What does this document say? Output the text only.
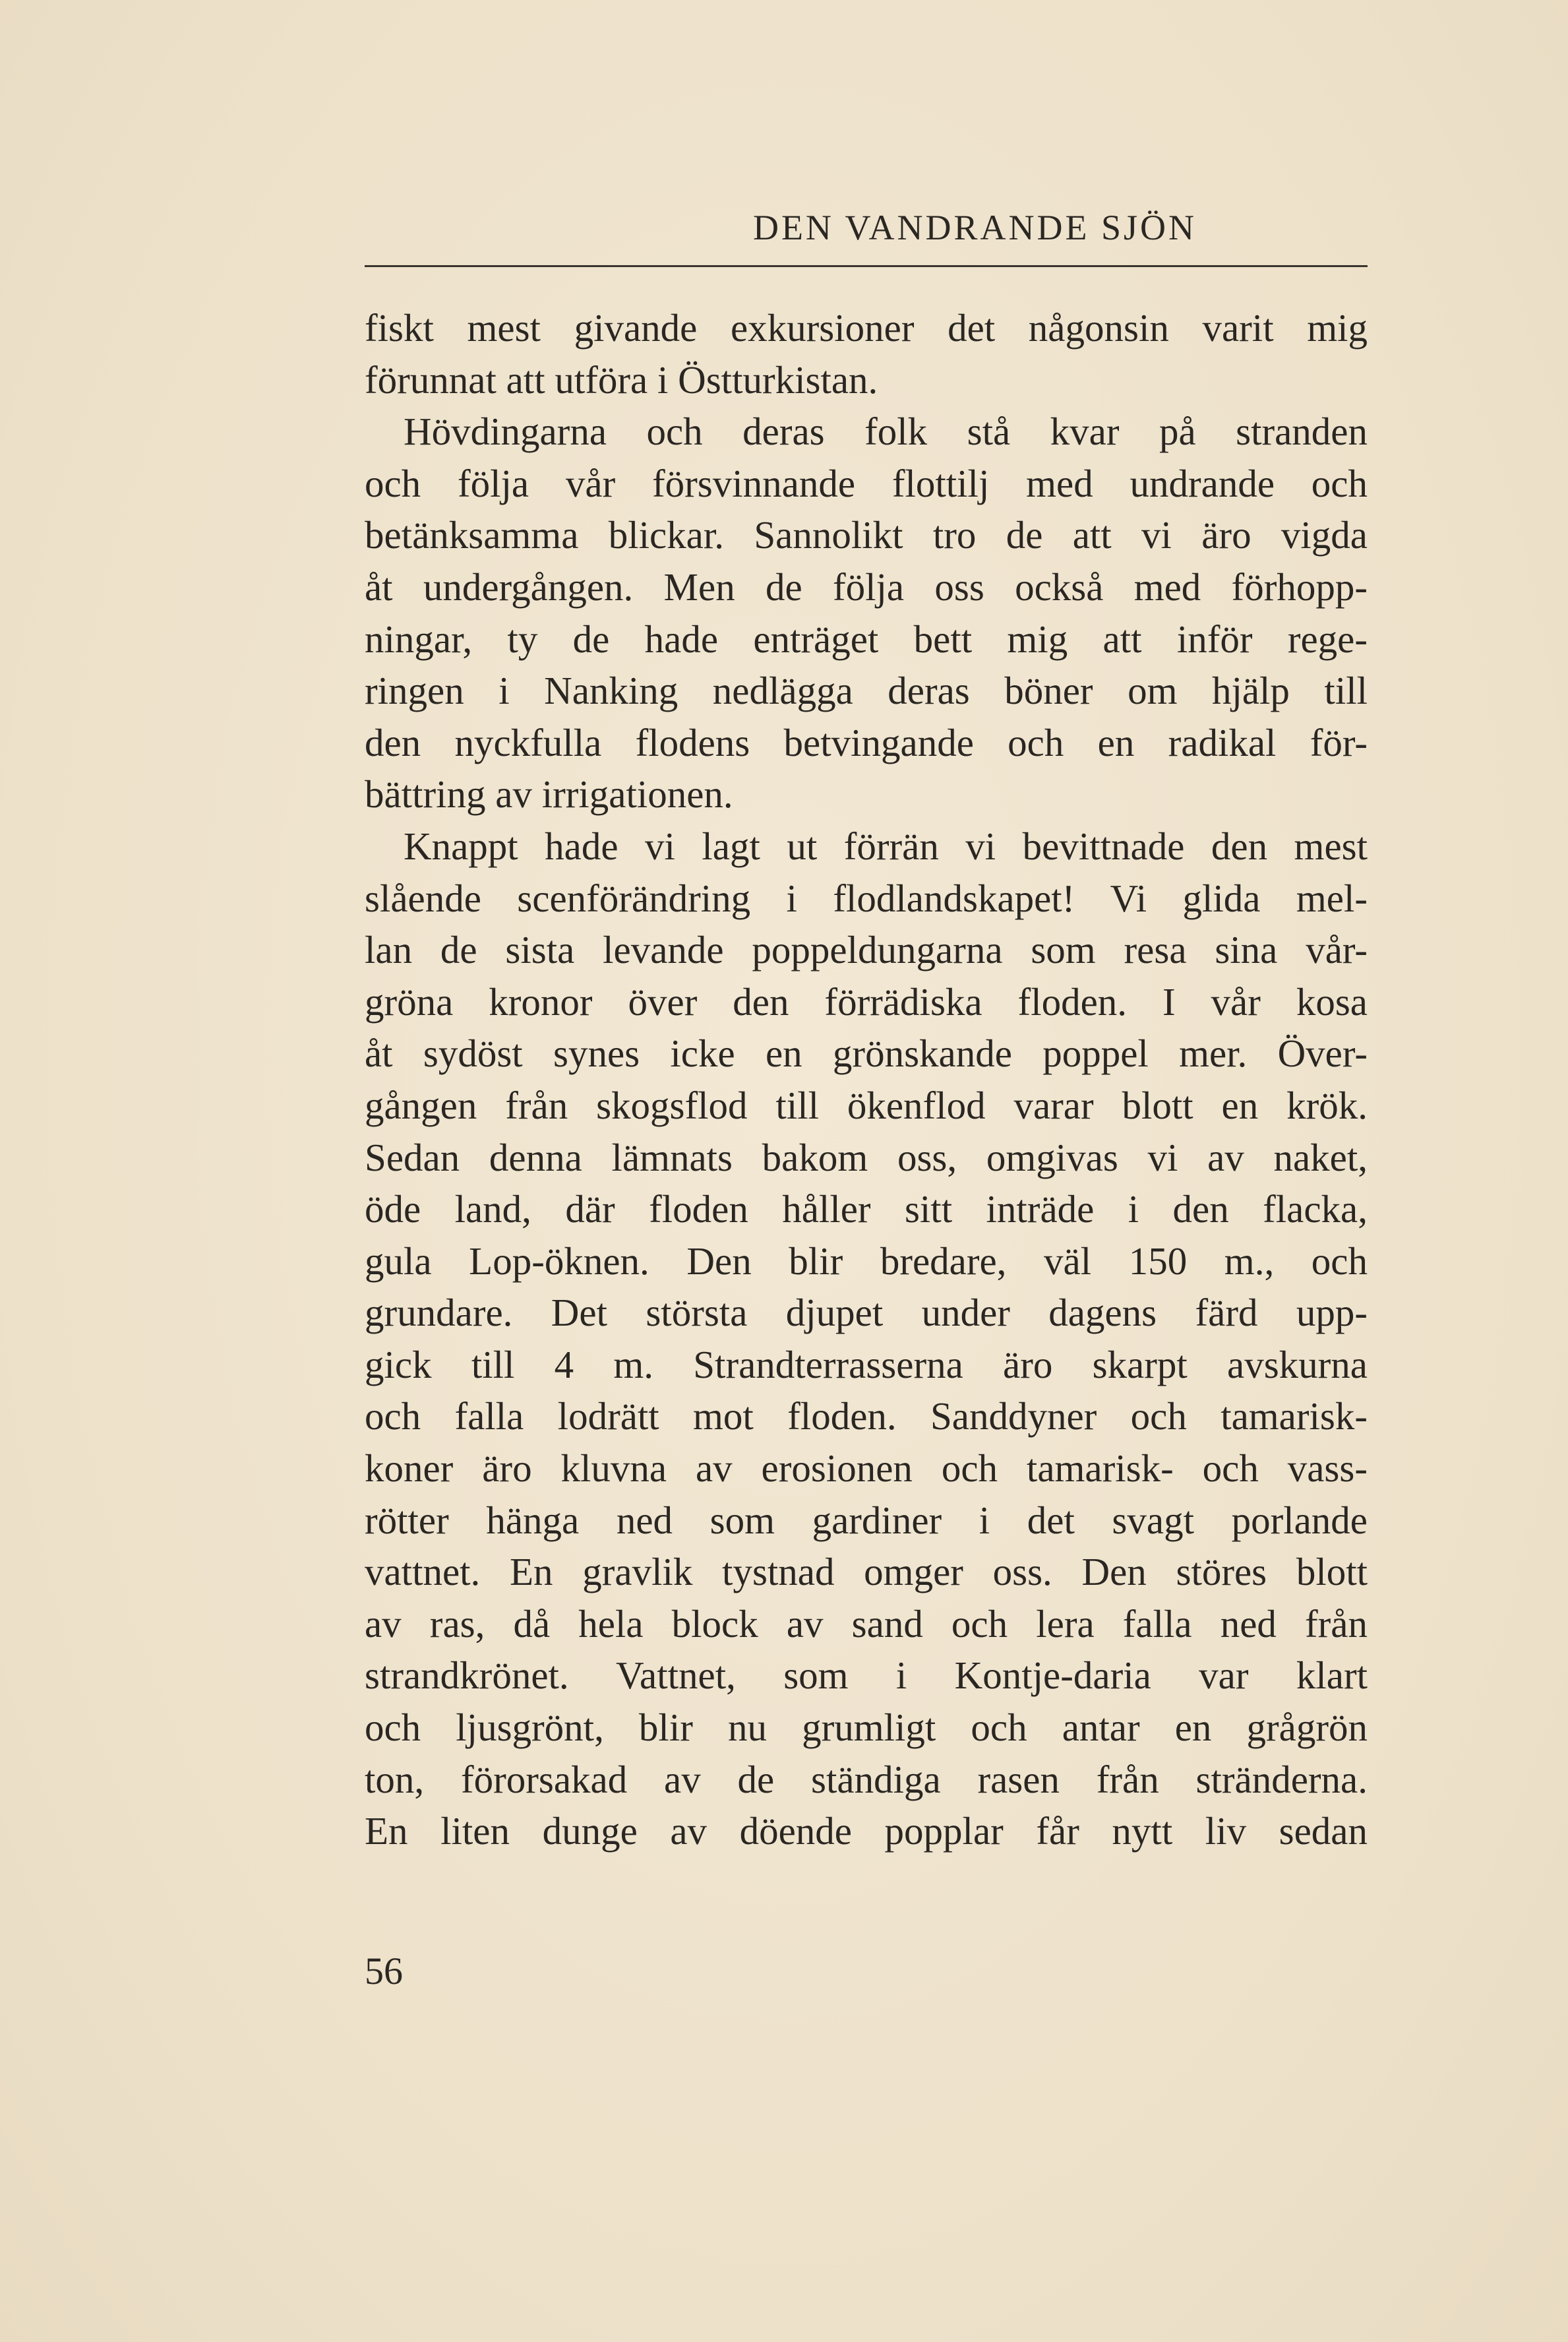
DEN VANDRANDE SJÖN

fiskt mest givande exkursioner det någonsin varit mig
förunnat att utföra i Östturkistan.

Hövdingarna och deras folk stå kvar på stranden
och följa vår försvinnande flottilj med undrande och
betänksamma blickar. Sannolikt tro de att vi äro vigda
åt undergången. Men de följa oss också med förhopp-
ningar, ty de hade enträget bett mig att inför rege-
ringen i Nanking nedlägga deras böner om hjälp till
den nyckfulla flodens betvingande och en radikal för-
bättring av irrigationen.

Knappt hade vi lagt ut förrän vi bevittnade den mest
slående scenförändring i flodlandskapet! Vi glida mel-
lan de sista levande poppeldungarna som resa sina vår-
gröna kronor över den förrädiska floden. I vår kosa
åt sydöst synes icke en grönskande poppel mer. Över-
gången från skogsflod till ökenflod varar blott en krök.
Sedan denna lämnats bakom oss, omgivas vi av naket,
öde land, där floden håller sitt inträde i den flacka,
gula Lop-öknen. Den blir bredare, väl 150 m., och
grundare. Det största djupet under dagens färd upp-
gick till 4 m. Strandterrasserna äro skarpt avskurna
och falla lodrätt mot floden. Sanddyner och tamarisk-
koner äro kluvna av erosionen och tamarisk- och vass-
rötter hänga ned som gardiner i det svagt porlande
vattnet. En gravlik tystnad omger oss. Den störes blott
av ras, då hela block av sand och lera falla ned från
strandkrönet. Vattnet, som i Kontje-daria var klart
och ljusgrönt, blir nu grumligt och antar en grågrön
ton, förorsakad av de ständiga rasen från stränderna.
En liten dunge av döende popplar får nytt liv sedan

56
